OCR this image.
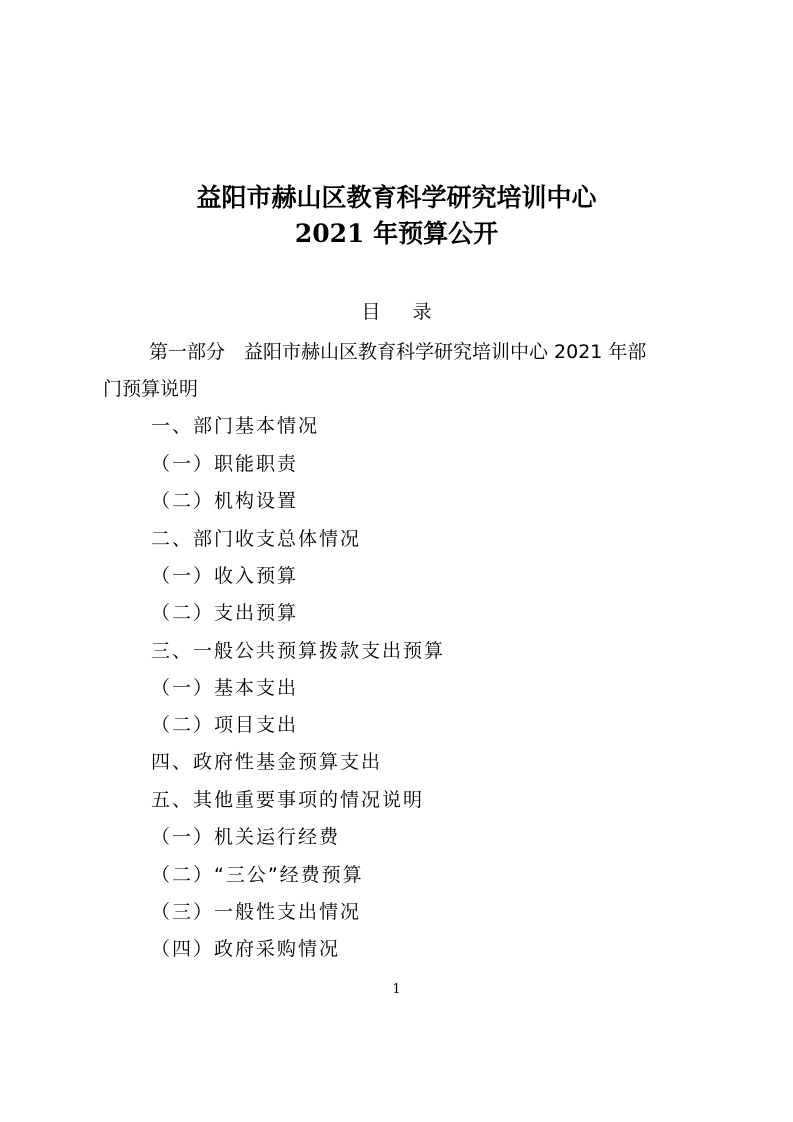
益阳市赫山区教育科学研究培训中心
2021 年预算公开
目录
第一部分　益阳市赫山区教育科学研究培训中心 2021 年部
门预算说明
一、部门基本情况
（一）职能职责
（二）机构设置
二、部门收支总体情况
（一）收入预算
（二）支出预算
三、一般公共预算拨款支出预算
（一）基本支出
（二）项目支出
四、政府性基金预算支出
五、其他重要事项的情况说明
（一）机关运行经费
（二）“三公”经费预算
（三）一般性支出情况
（四）政府采购情况
1
